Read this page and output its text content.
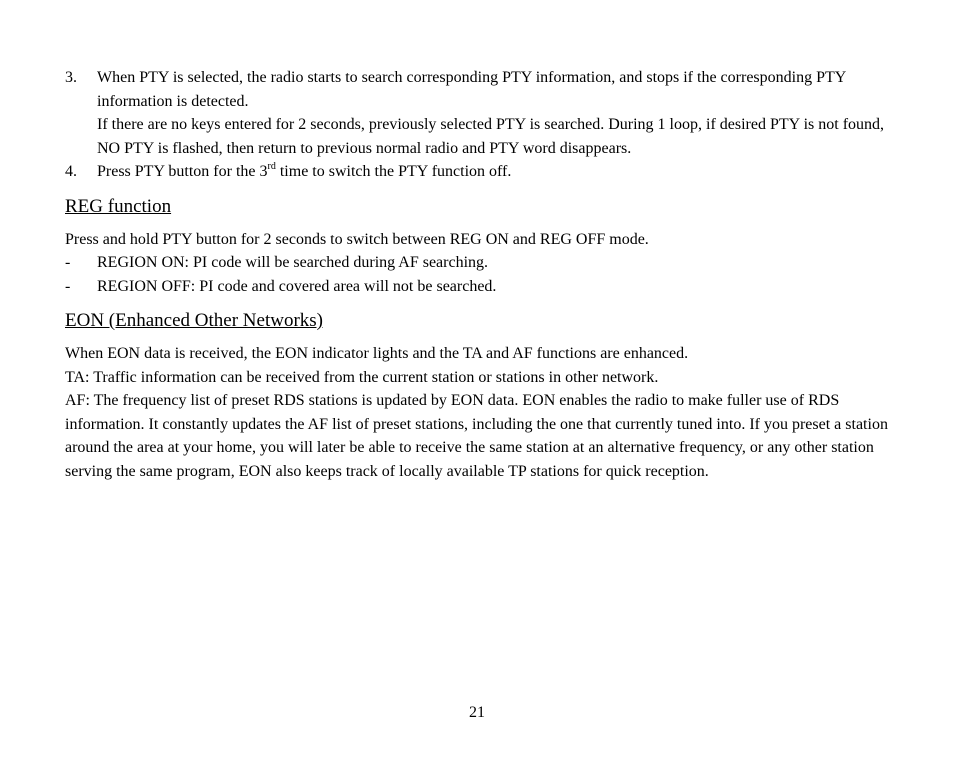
3.	When PTY is selected, the radio starts to search corresponding PTY information, and stops if the corresponding PTY information is detected.
If there are no keys entered for 2 seconds, previously selected PTY is searched. During 1 loop, if desired PTY is not found, NO PTY is flashed, then return to previous normal radio and PTY word disappears.
4.	Press PTY button for the 3rd time to switch the PTY function off.
REG function

Press and hold PTY button for 2 seconds to switch between REG ON and REG OFF mode.

-	REGION ON: PI code will be searched during AF searching.
-	REGION OFF: PI code and covered area will not be searched.
EON (Enhanced Other Networks)

When EON data is received, the EON indicator lights and the TA and AF functions are enhanced.

TA: Traffic information can be received from the current station or stations in other network.

AF: The frequency list of preset RDS stations is updated by EON data. EON enables the radio to make fuller use of RDS information. It constantly updates the AF list of preset stations, including the one that currently tuned into. If you preset a station around the area at your home, you will later be able to receive the same station at an alternative frequency, or any other station serving the same program, EON also keeps track of locally available TP stations for quick reception.

21
